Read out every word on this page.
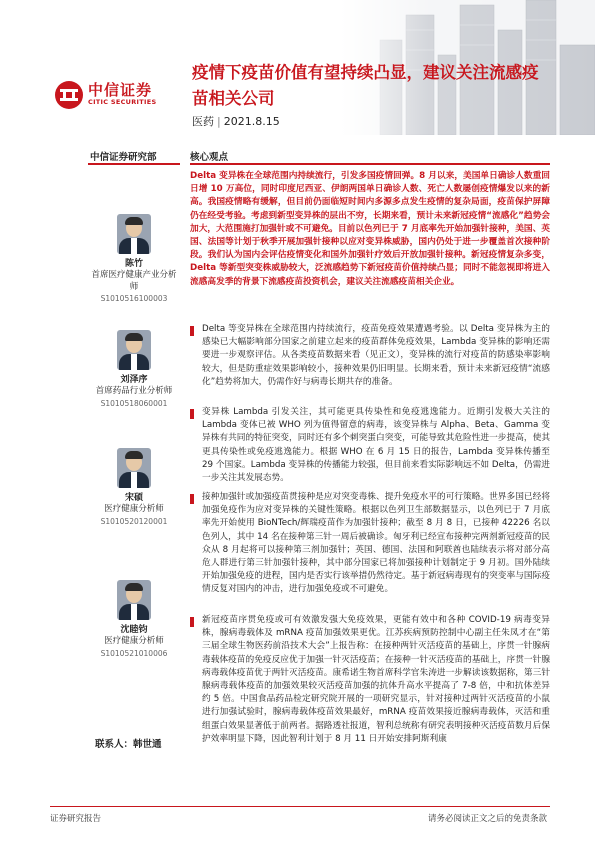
中信证券
CITIC SECURITIES
疫情下疫苗价值有望持续凸显，建议关注流感疫苗相关公司
医药 | 2021.8.15
中信证券研究部	核心观点
陈竹
首席医疗健康产业分析师
S1010516100003
刘泽序
首席药品行业分析师
S1010518060001
宋硕
医疗健康分析师
S1010520120001
沈睦钧
医疗健康分析师
S1010521010006
联系人：韩世通
Delta 变异株在全球范围内持续流行，引发多国疫情回弹。8 月以来，美国单日确诊人数重回日增 10 万高位，同时印度尼西亚、伊朗两国单日确诊人数、死亡人数屡创疫情爆发以来的新高。我国疫情略有缓解，但目前仍面临短时间内多源多点发生疫情的复杂局面，疫苗保护屏障仍在经受考验。考虑到新型变异株的层出不穷，长期来看，预计未来新冠疫情“流感化”趋势会加大，大范围施打加强针或不可避免。目前以色列已于 7 月底率先开始加强针接种，美国、英国、法国等计划于秋季开展加强针接种以应对变异株威胁，国内仍处于进一步覆盖首次接种阶段。我们认为国内会评估疫情变化和国外加强针疗效后开放加强针接种。新冠疫情复杂多变，Delta 等新型突变株威胁较大，泛流感趋势下新冠疫苗价值持续凸显；同时不能忽视即将进入流感高发季的背景下流感疫苗投资机会，建议关注流感疫苗相关企业。
Delta 等变异株在全球范围内持续流行，疫苗免疫效果遭遇考验。以 Delta 变异株为主的感染已大幅影响部分国家之前建立起来的疫苗群体免疫效果，Lambda 变异株的影响还需要进一步观察评估。从各类疫苗数据来看（见正文），变异株的流行对疫苗的防感染率影响较大，但是防重症效果影响较小，接种效果仍旧明显。长期来看，预计未来新冠疫情“流感化”趋势将加大，仍需作好与病毒长期共存的准备。
变异株 Lambda 引发关注，其可能更具传染性和免疫逃逸能力。近期引发极大关注的 Lambda 变体已被 WHO 列为值得留意的病毒，该变异株与 Alpha、Beta、Gamma 变异株有共同的特征突变，同时还有多个刺突蛋白突变，可能导致其危险性进一步提高，使其更具传染性或免疫逃逸能力。根据 WHO 在 6 月 15 日的报告，Lambda 变异株传播至 29 个国家。Lambda 变异株的传播能力较强，但目前来看实际影响远不如 Delta，仍需进一步关注其发展态势。
接种加强针或加强疫苗贯接种是应对突变毒株、提升免疫水平的可行策略。世界多国已经将加强免疫作为应对变异株的关键性策略。根据以色列卫生部数据显示，以色列已于 7 月底率先开始使用 BioNTech/辉瑞疫苗作为加强针接种；截至 8 月 8 日，已接种 42226 名以色列人，其中 14 名在接种第三针一周后被确诊。匈牙利已经宣布接种完两剂新冠疫苗的民众从 8 月起将可以接种第三剂加强针；英国、德国、法国和阿联酋也陆续表示将对部分高危人群进行第三针加强针接种，其中部分国家已将加强接种计划制定于 9 月初。国外陆续开始加强免疫的进程，国内是否实行该举措仍然待定。基于新冠病毒现有的突变率与国际疫情反复对国内的冲击，进行加强免疫或不可避免。
新冠疫苗序贯免疫或可有效激发强大免疫效果，更能有效中和各种 COVID-19 病毒变异株，腺病毒载体及 mRNA 疫苗加强效果更优。江苏疾病预防控制中心副主任朱凤才在“第三届全球生物医药前沿技术大会”上报告称：在接种两针灭活疫苗的基础上，序贯一针腺病毒载体疫苗的免疫反应优于加强一针灭活疫苗；在接种一针灭活疫苗的基础上，序贯一针腺病毒载体疫苗优于两针灭活疫苗。康希诺生物首席科学官朱涛进一步解读该数据称，第三针腺病毒载体疫苗的加强效果较灭活疫苗加强的抗体升高水平提高了 7-8 倍，中和抗体差异约 5 倍。中国食品药品检定研究院开展的一项研究显示，针对接种过两针灭活疫苗的小鼠进行加强试验时，腺病毒载体疫苗效果最好，mRNA 疫苗效果接近腺病毒载体，灭活和重组蛋白效果显著低于前两者。据路透社报道，智利总统称有研究表明接种灭活疫苗数月后保护效率明显下降，因此智利计划于 8 月 11 日开始安排阿斯利康
证券研究报告	请务必阅读正文之后的免责条款
